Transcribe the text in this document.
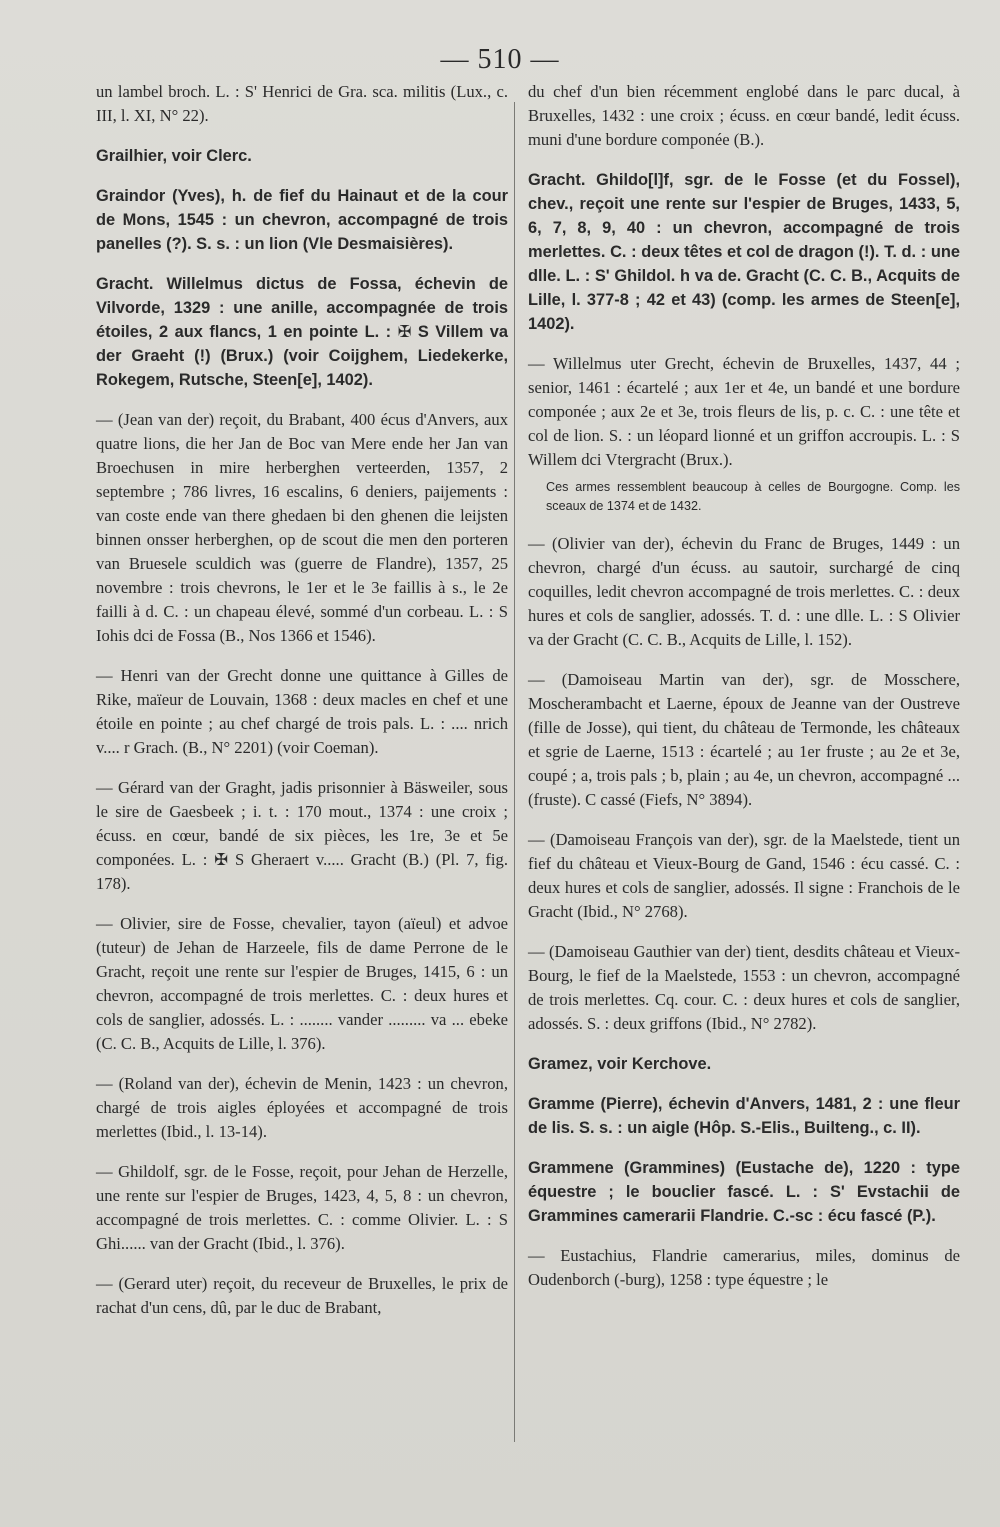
— 510 —

un lambel broch. L. : S' Henrici de Gra. sca. militis (Lux., c. III, l. XI, N° 22).

Grailhier, voir Clerc.

Graindor (Yves), h. de fief du Hainaut et de la cour de Mons, 1545 : un chevron, accompagné de trois panelles (?). S. s. : un lion (Vle Desmaisières).

Gracht. Willelmus dictus de Fossa, échevin de Vilvorde, 1329 : une anille, accompagnée de trois étoiles, 2 aux flancs, 1 en pointe L. : ✠ S Villem va der Graeht (!) (Brux.) (voir Coijghem, Liedekerke, Rokegem, Rutsche, Steen[e], 1402).

— (Jean van der) reçoit, du Brabant, 400 écus d'Anvers, aux quatre lions, die her Jan de Boc van Mere ende her Jan van Broechusen in mire herberghen verteerden, 1357, 2 septembre ; 786 livres, 16 escalins, 6 deniers, paijements : van coste ende van there ghedaen bi den ghenen die leijsten binnen onsser herberghen, op de scout die men den porteren van Bruesele sculdich was (guerre de Flandre), 1357, 25 novembre : trois chevrons, le 1er et le 3e faillis à s., le 2e failli à d. C. : un chapeau élevé, sommé d'un corbeau. L. : S Iohis dci de Fossa (B., Nos 1366 et 1546).

— Henri van der Grecht donne une quittance à Gilles de Rike, maïeur de Louvain, 1368 : deux macles en chef et une étoile en pointe ; au chef chargé de trois pals. L. : .... nrich v.... r Grach. (B., N° 2201) (voir Coeman).

— Gérard van der Graght, jadis prisonnier à Bäsweiler, sous le sire de Gaesbeek ; i. t. : 170 mout., 1374 : une croix ; écuss. en cœur, bandé de six pièces, les 1re, 3e et 5e componées. L. : ✠ S Gheraert v..... Gracht (B.) (Pl. 7, fig. 178).

— Olivier, sire de Fosse, chevalier, tayon (aïeul) et advoe (tuteur) de Jehan de Harzeele, fils de dame Perrone de le Gracht, reçoit une rente sur l'espier de Bruges, 1415, 6 : un chevron, accompagné de trois merlettes. C. : deux hures et cols de sanglier, adossés. L. : ........ vander ......... va ... ebeke (C. C. B., Acquits de Lille, l. 376).

— (Roland van der), échevin de Menin, 1423 : un chevron, chargé de trois aigles éployées et accompagné de trois merlettes (Ibid., l. 13-14).

— Ghildolf, sgr. de le Fosse, reçoit, pour Jehan de Herzelle, une rente sur l'espier de Bruges, 1423, 4, 5, 8 : un chevron, accompagné de trois merlettes. C. : comme Olivier. L. : S Ghi...... van der Gracht (Ibid., l. 376).

— (Gerard uter) reçoit, du receveur de Bruxelles, le prix de rachat d'un cens, dû, par le duc de Brabant,

du chef d'un bien récemment englobé dans le parc ducal, à Bruxelles, 1432 : une croix ; écuss. en cœur bandé, ledit écuss. muni d'une bordure componée (B.).

Gracht. Ghildo[l]f, sgr. de le Fosse (et du Fossel), chev., reçoit une rente sur l'espier de Bruges, 1433, 5, 6, 7, 8, 9, 40 : un chevron, accompagné de trois merlettes. C. : deux têtes et col de dragon (!). T. d. : une dlle. L. : S' Ghildol. h va de. Gracht (C. C. B., Acquits de Lille, l. 377-8 ; 42 et 43) (comp. les armes de Steen[e], 1402).

— Willelmus uter Grecht, échevin de Bruxelles, 1437, 44 ; senior, 1461 : écartelé ; aux 1er et 4e, un bandé et une bordure componée ; aux 2e et 3e, trois fleurs de lis, p. c. C. : une tête et col de lion. S. : un léopard lionné et un griffon accroupis. L. : S Willem dci Vtergracht (Brux.).

Ces armes ressemblent beaucoup à celles de Bourgogne. Comp. les sceaux de 1374 et de 1432.

— (Olivier van der), échevin du Franc de Bruges, 1449 : un chevron, chargé d'un écuss. au sautoir, surchargé de cinq coquilles, ledit chevron accompagné de trois merlettes. C. : deux hures et cols de sanglier, adossés. T. d. : une dlle. L. : S Olivier va der Gracht (C. C. B., Acquits de Lille, l. 152).

— (Damoiseau Martin van der), sgr. de Mosschere, Moscherambacht et Laerne, époux de Jeanne van der Oustreve (fille de Josse), qui tient, du château de Termonde, les châteaux et sgrie de Laerne, 1513 : écartelé ; au 1er fruste ; au 2e et 3e, coupé ; a, trois pals ; b, plain ; au 4e, un chevron, accompagné ... (fruste). C cassé (Fiefs, N° 3894).

— (Damoiseau François van der), sgr. de la Maelstede, tient un fief du château et Vieux-Bourg de Gand, 1546 : écu cassé. C. : deux hures et cols de sanglier, adossés. Il signe : Franchois de le Gracht (Ibid., N° 2768).

— (Damoiseau Gauthier van der) tient, desdits château et Vieux-Bourg, le fief de la Maelstede, 1553 : un chevron, accompagné de trois merlettes. Cq. cour. C. : deux hures et cols de sanglier, adossés. S. : deux griffons (Ibid., N° 2782).

Gramez, voir Kerchove.

Gramme (Pierre), échevin d'Anvers, 1481, 2 : une fleur de lis. S. s. : un aigle (Hôp. S.-Elis., Builteng., c. II).

Grammene (Grammines) (Eustache de), 1220 : type équestre ; le bouclier fascé. L. : S' Evstachii de Grammines camerarii Flandrie. C.-sc : écu fascé (P.).

— Eustachius, Flandrie camerarius, miles, dominus de Oudenborch (-burg), 1258 : type équestre ; le
